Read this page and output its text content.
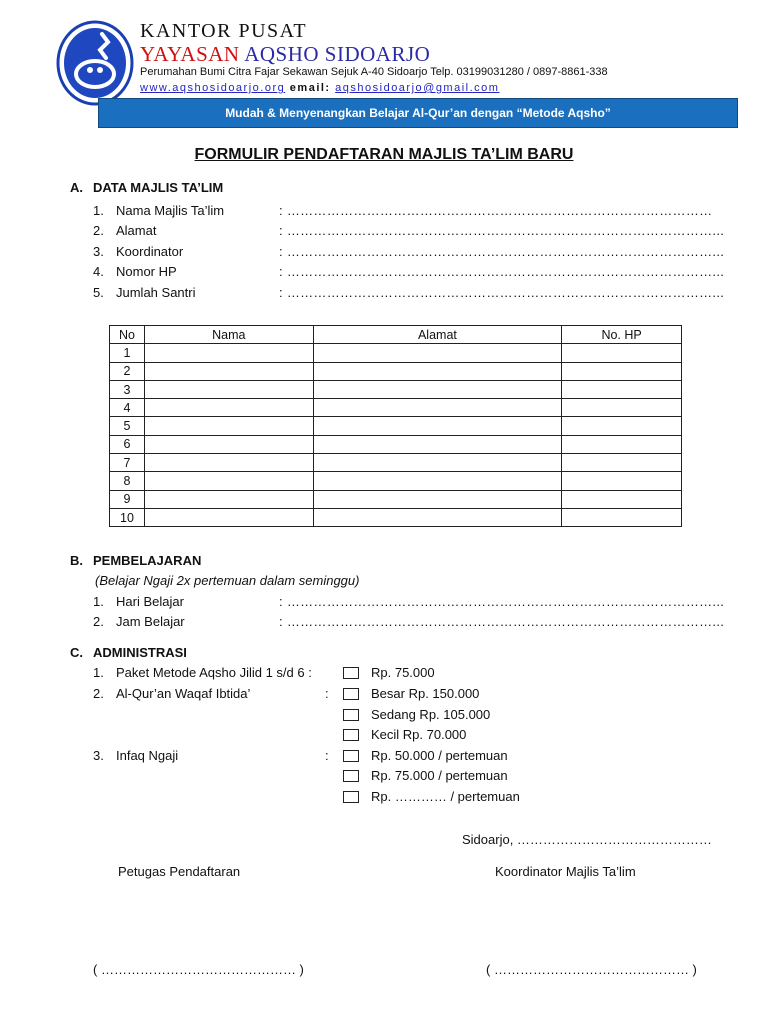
KANTOR PUSAT
YAYASAN AQSHO SIDOARJO
Perumahan Bumi Citra Fajar Sekawan Sejuk A-40 Sidoarjo Telp. 03199031280 / 0897-8861-338
www.aqshosidoarjo.org email: aqshosidoarjo@gmail.com
Mudah & Menyenangkan Belajar Al-Qur’an dengan “Metode Aqsho”
FORMULIR PENDAFTARAN MAJLIS TA’LIM BARU
A. DATA MAJLIS TA’LIM
1. Nama Majlis Ta’lim	: ……………………………………………………………………………………
2. Alamat	: ……………………………………………………………………………………...
3. Koordinator	: ……………………………………………………………………………………...
4. Nomor HP	: ……………………………………………………………………………………...
5. Jumlah Santri	: ……………………………………………………………………………………...
No	Nama	Alamat	No. HP
1			
2			
3			
4			
5			
6			
7			
8			
9			
10			
B. PEMBELAJARAN
(Belajar Ngaji 2x pertemuan dalam seminggu)
1. Hari Belajar	: ……………………………………………………………………………………...
2. Jam Belajar	: ……………………………………………………………………………………...
C. ADMINISTRASI
1. Paket Metode Aqsho Jilid 1 s/d 6 :	Rp. 75.000
2. Al-Qur’an Waqaf Ibtida’	:	Besar Rp. 150.000
Sedang Rp. 105.000
Kecil Rp. 70.000
3. Infaq Ngaji	:	Rp. 50.000 / pertemuan
Rp. 75.000 / pertemuan
Rp. ………… / pertemuan
Sidoarjo, ………………………………………
Petugas Pendaftaran	Koordinator Majlis Ta’lim
( ……………………………………… )	( ……………………………………… )
